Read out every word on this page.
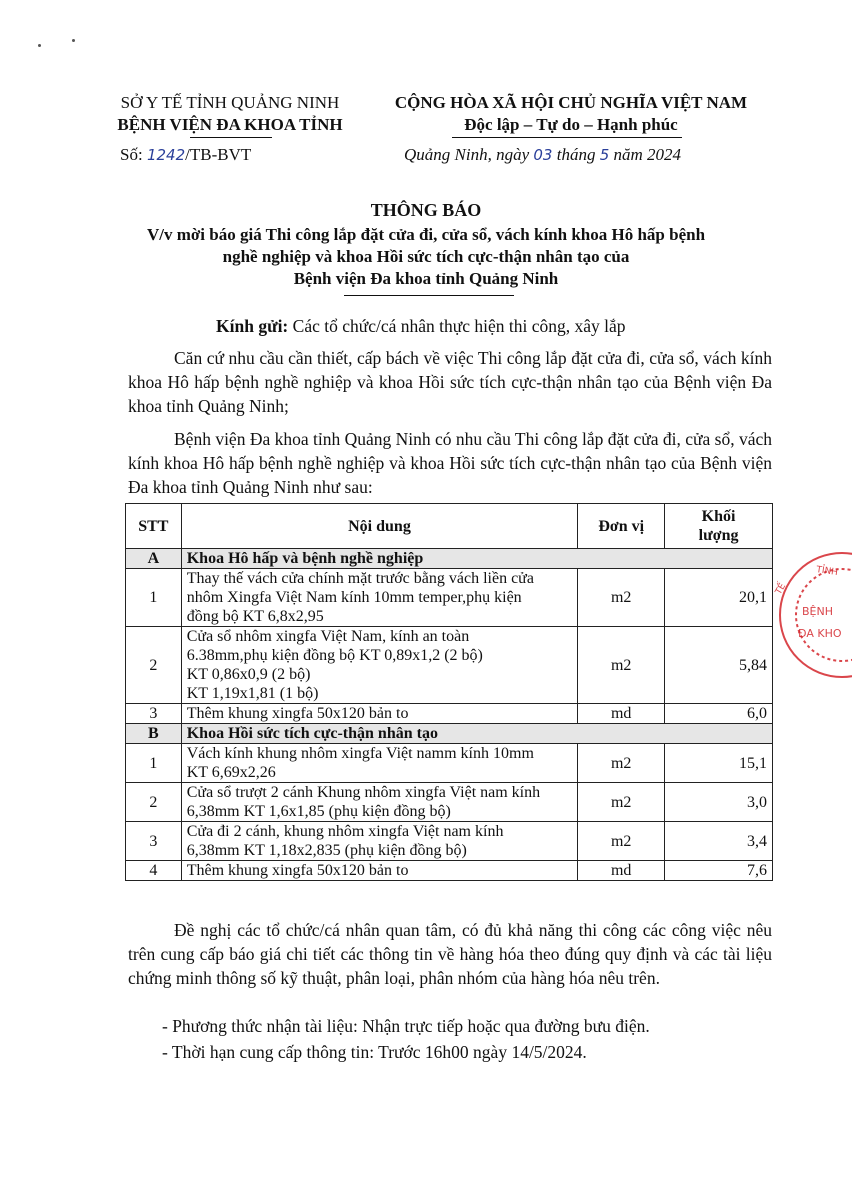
SỞ Y TẾ TỈNH QUẢNG NINH
BỆNH VIỆN ĐA KHOA TỈNH
CỘNG HÒA XÃ HỘI CHỦ NGHĨA VIỆT NAM
Độc lập – Tự do – Hạnh phúc
Số: 1242/TB-BVT	Quảng Ninh, ngày 03 tháng 5 năm 2024
THÔNG BÁO
V/v mời báo giá Thi công lắp đặt cửa đi, cửa sổ, vách kính khoa Hô hấp bệnh
nghề nghiệp và khoa Hồi sức tích cực-thận nhân tạo của
Bệnh viện Đa khoa tỉnh Quảng Ninh
Kính gửi: Các tổ chức/cá nhân thực hiện thi công, xây lắp
Căn cứ nhu cầu cần thiết, cấp bách về việc Thi công lắp đặt cửa đi, cửa sổ, vách kính khoa Hô hấp bệnh nghề nghiệp và khoa Hồi sức tích cực-thận nhân tạo của Bệnh viện Đa khoa tỉnh Quảng Ninh;
Bệnh viện Đa khoa tỉnh Quảng Ninh có nhu cầu Thi công lắp đặt cửa đi, cửa sổ, vách kính khoa Hô hấp bệnh nghề nghiệp và khoa Hồi sức tích cực-thận nhân tạo của Bệnh viện Đa khoa tỉnh Quảng Ninh như sau:
STT	Nội dung	Đơn vị	Khối lượng
A	Khoa Hô hấp và bệnh nghề nghiệp		
1	Thay thế vách cửa chính mặt trước bằng vách liền cửa
nhôm Xingfa Việt Nam kính 10mm temper,phụ kiện
đồng bộ KT 6,8x2,95	m2	20,1
2	Cửa sổ nhôm xingfa Việt Nam, kính an toàn
6.38mm,phụ kiện đồng bộ KT 0,89x1,2 (2 bộ)
KT 0,86x0,9 (2 bộ)
KT 1,19x1,81 (1 bộ)	m2	5,84
3	Thêm khung xingfa 50x120 bản to	md	6,0
B	Khoa Hồi sức tích cực-thận nhân tạo		
1	Vách kính khung nhôm xingfa Việt namm kính 10mm
KT 6,69x2,26	m2	15,1
2	Cửa sổ trượt 2 cánh Khung nhôm xingfa Việt nam kính
6,38mm KT 1,6x1,85 (phụ kiện đồng bộ)	m2	3,0
3	Cửa đi 2 cánh, khung nhôm xingfa Việt nam kính
6,38mm KT 1,18x2,835 (phụ kiện đồng bộ)	m2	3,4
4	Thêm khung xingfa 50x120 bản to	md	7,6
Đề nghị các tổ chức/cá nhân quan tâm, có đủ khả năng thi công các công việc nêu trên cung cấp báo giá chi tiết các thông tin về hàng hóa theo đúng quy định và các tài liệu chứng minh thông số kỹ thuật, phân loại, phân nhóm của hàng hóa nêu trên.
- Phương thức nhận tài liệu: Nhận trực tiếp hoặc qua đường bưu điện.
- Thời hạn cung cấp thông tin: Trước 16h00 ngày 14/5/2024.
TỈNH
TẾ
BỆNH
ĐA KHO
